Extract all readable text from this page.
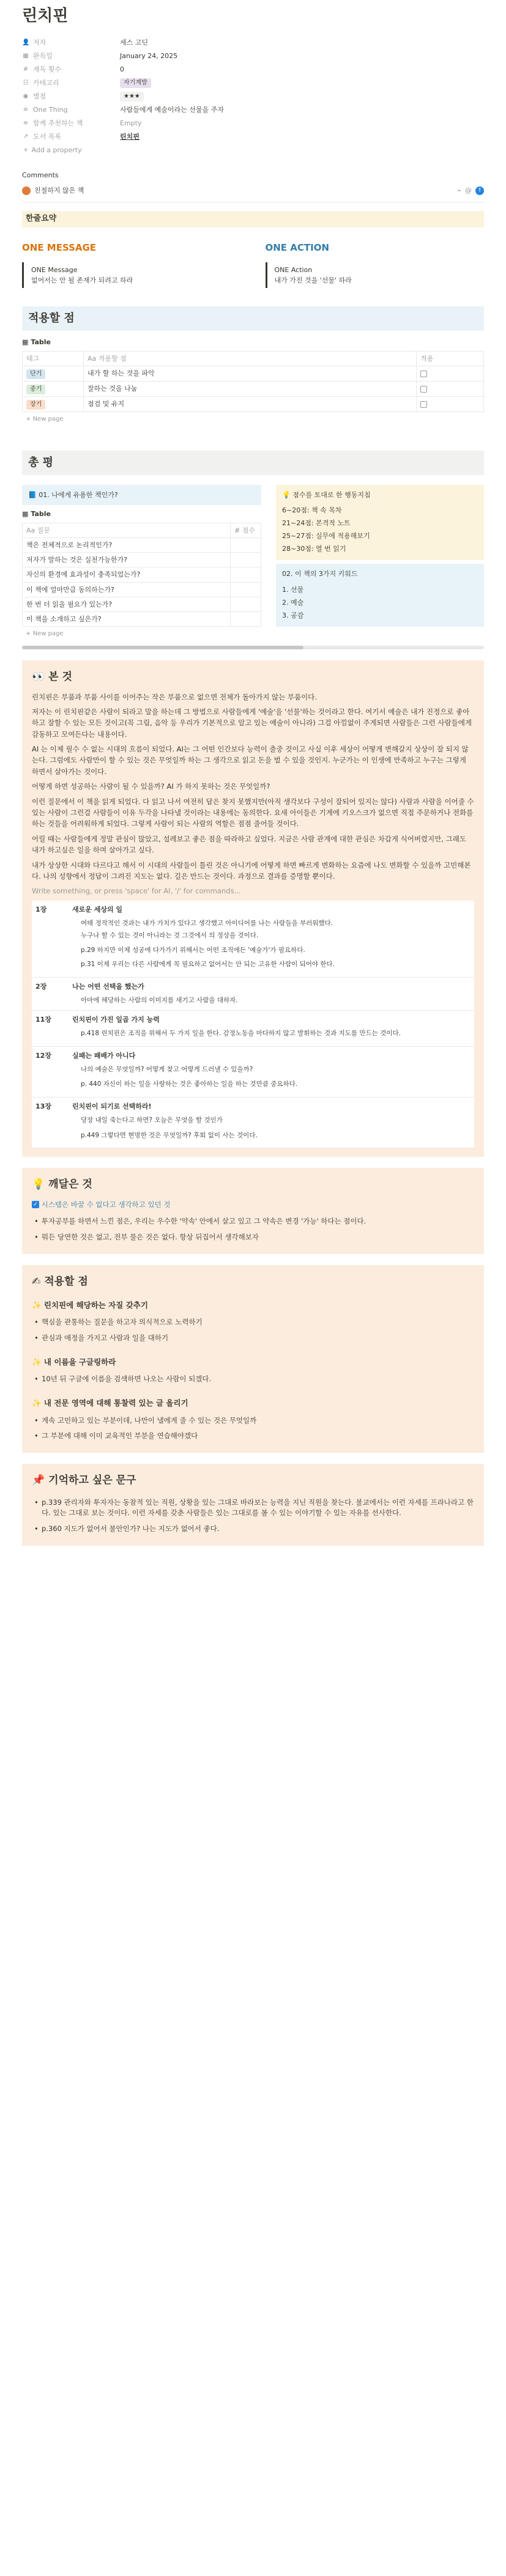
린치핀
👤 저자	세스 고딘
▦ 완독일	January 24, 2025
# 재독 횟수	0
☷ 카테고리	자기계발
◉ 별점	★★★
≡ One Thing	사람들에게 예술이라는 선물을 주자
≡ 함께 추천하는 책	Empty
↗ 도서 목록	린치핀
+
Add a property
Comments
친절하지 않은 책	⌁ @	↑
한줄요약
ONE MESSAGE
ONE Message
없어서는 안 될 존재가 되려고 하라
ONE ACTION
ONE Action
내가 가진 것을 '선물' 하라
적용할 점
▦ Table
태그	Aa 적용할 점	적용
단기	내가 할 하는 것을 파악	
중기	잘하는 것을 나눔	
장기	점검 및 유지	
+ New page
총 평
📘 01. 나에게 유용한 책인가?
▦ Table
Aa 질문	# 점수
책은 전체적으로 논리적인가?	
저자가 말하는 것은 실천가능한가?	
자신의 환경에 효과성이 충족되었는가?	
이 책에 얼마만큼 동의하는가?	
한 번 더 읽을 필요가 있는가?	
이 책을 소개하고 싶은가?	
+ New page
💡 점수를 토대로 한 행동지침
6~20점: 책 속 목차
21~24점: 본격적 노트
25~27점: 실무에 적용해보기
28~30점: 열 번 읽기
02. 이 책의 3가지 키워드
1. 선물
2. 예술
3. 공감
👀 본 것

린치핀은 부품과 부품 사이를 이어주는 작은 부품으로 없으면 전체가 돌아가지 않는 부품이다.

저자는 이 린치핀같은 사람이 되라고 말을 하는데 그 방법으로 사람들에게 '예술'을 '선물'하는 것이라고 한다. 여기서 예술은 내가 진정으로 좋아하고 잘할 수 있는 모든 것이고(꼭 그림, 음악 등 우리가 기본적으로 알고 있는 예술이 아니라) 그걸 아낌없이 주게되면 사람들은 그런 사람들에게 감동하고 모여든다는 내용이다.

AI 는 이제 필수 수 없는 시대의 흐름이 되었다. AI는 그 어떤 인간보다 능력이 출중 것이고 사실 이후 세상이 어떻게 변해갈지 상상이 잘 되지 않는다. 그럼에도 사람만이 할 수 있는 것은 무엇일까 하는 그 생각으로 읽고 돈을 벌 수 있을 것인지. 누군가는 이 인생에 만족하고 누구는 그렇게 하면서 살아가는 것이다.

어떻게 하면 성공하는 사람이 될 수 있을까? AI 가 하지 못하는 것은 무엇일까?

이런 질문에서 이 책을 읽게 되었다. 다 읽고 나서 여전히 답은 찾지 못했지만(아직 생각보다 구성이 잘되어 있지는 않다) 사람과 사람을 이어줄 수 있는 사람이 그런걸 사람들이 이유 두각을 나타낼 것이라는 내용에는 동의한다. 요새 아이들은 기계에 키오스크가 없으면 직접 주문하거나 전화를 하는 것들을 어려워하게 되었다. 그렇게 사람이 되는 사람의 역할은 점점 줄어들 것이다.

어릴 때는 사람들에게 정말 관심이 많았고, 설레보고 좋은 점을 따라하고 싶었다. 지금은 사람 관계에 대한 관심은 차갑게 식어버렸지만, 그래도 내가 하고싶은 일을 하며 살아가고 싶다.

내가 상상한 시대와 다르다고 해서 이 시대의 사람들이 틀린 것은 아니기에 어떻게 하면 빠르게 변화하는 요즘에 나도 변화할 수 있을까 고민해본다. 나의 성향에서 정답이 그려진 지도는 없다. 길은 만드는 것이다. 과정으로 결과를 증명할 뿐이다.

Write something, or press 'space' for AI, '/' for commands...
1장	새로운 세상의 일
여태 정작적인 것과는 내가 가치가 있다고 생각했고 아이디어를 나는 사람들을 부러워했다.
누구나 할 수 있는 것이 아니라는 것 그것에서 의 정상을 것이다.
p.29 하지만 이제 성공에 다가가기 위해서는 어떤 조직에든 '예술가'가 필요하다.
p.31 이제 우리는 다른 사람에게 꼭 필요하고 없어서는 안 되는 고유한 사람이 되어야 한다.

2장	나는 어떤 선택을 했는가
아마에 해당하는 사람의 이미지를 새기고 사람을 대하자.

11장	린치핀이 가진 일곱 가지 능력
p.418 린치핀은 조직을 위해서 두 가지 일을 한다. 감정노동을 마다하지 않고 발휘하는 것과 지도를 만드는 것이다.

12장	실패는 패배가 아니다
나의 예술은 무엇일까? 어떻게 찾고 어떻게 드러낼 수 있을까?
p. 440 자신이 하는 일을 사랑하는 것은 좋아하는 일을 하는 것만큼 중요하다.

13장	린치핀이 되기로 선택하라!
당장 내일 죽는다고 하면? 오늘은 무엇을 할 것인가
p.449 그렇다면 현명한 것은 무엇일까? 후회 없이 사는 것이다.
💡 깨달은 것
✓ 시스템은 바꿀 수 없다고 생각하고 있던 것
• 투자공부를 하면서 느낀 점은, 우리는 우수한 '약속' 안에서 살고 있고 그 약속은 변경 '가능' 하다는 점이다.
• 뭐든 당연한 것은 없고, 전부 물은 것은 없다. 항상 뒤집어서 생각해보자
✍ 적용할 점
✨ 린치핀에 해당하는 자질 갖추기
• 핵심을 관통하는 질문을 하고자 의식적으로 노력하기
• 관심과 애정을 가지고 사람과 일을 대하기
✨ 내 이름을 구글링하라
• 10년 뒤 구글에 이름을 검색하면 나오는 사람이 되겠다.
✨ 내 전문 영역에 대해 통찰력 있는 글 올리기
• 계속 고민하고 있는 부분이데, 나만이 낼에게 줄 수 있는 것은 무엇일까
• 그 부분에 대해 이미 교육적인 부분을 연습해야겠다
📌 기억하고 싶은 문구
• p.339 관리자와 투자자는 동참적 있는 직원, 상황을 있는 그대로 바라보는 능력을 지닌 직원을 찾는다. 불교에서는 이런 자세를 프라나라고 한다. 있는 그대로 보는 것이다. 이런 자세를 갖춘 사람들은 있는 그대로를 볼 수 있는 이야기할 수 있는 자유를 선사한다.
• p.360 지도가 없어서 불안인가? 나는 지도가 없어서 좋다.
